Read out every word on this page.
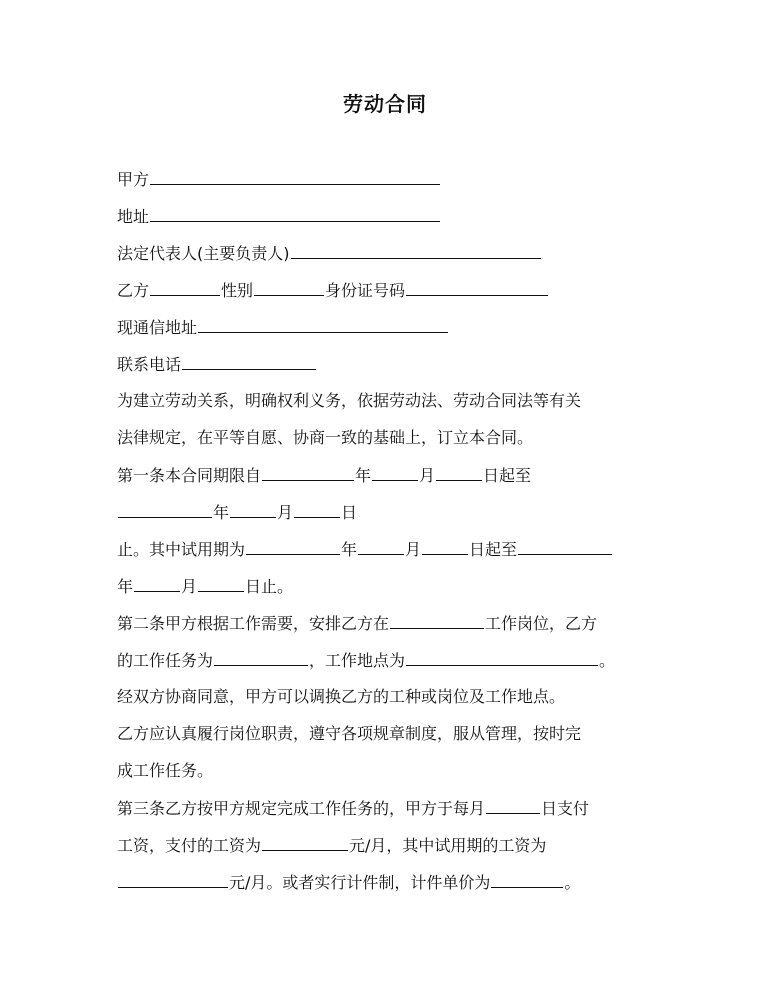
劳动合同
甲方
地址
法定代表人(主要负责人)
乙方	性别	身份证号码
现通信地址
联系电话
为建立劳动关系，明确权利义务，依据劳动法、劳动合同法等有关
法律规定，在平等自愿、协商一致的基础上，订立本合同。
第一条本合同期限自	年	月	日起至
年	月	日
止。其中试用期为	年	月	日起至
年	月	日止。
第二条甲方根据工作需要，安排乙方在	工作岗位，乙方
的工作任务为	，工作地点为	。
经双方协商同意，甲方可以调换乙方的工种或岗位及工作地点。
乙方应认真履行岗位职责，遵守各项规章制度，服从管理，按时完
成工作任务。
第三条乙方按甲方规定完成工作任务的，甲方于每月	日支付
工资，支付的工资为	元/月，其中试用期的工资为
元/月。或者实行计件制，计件单价为	。
